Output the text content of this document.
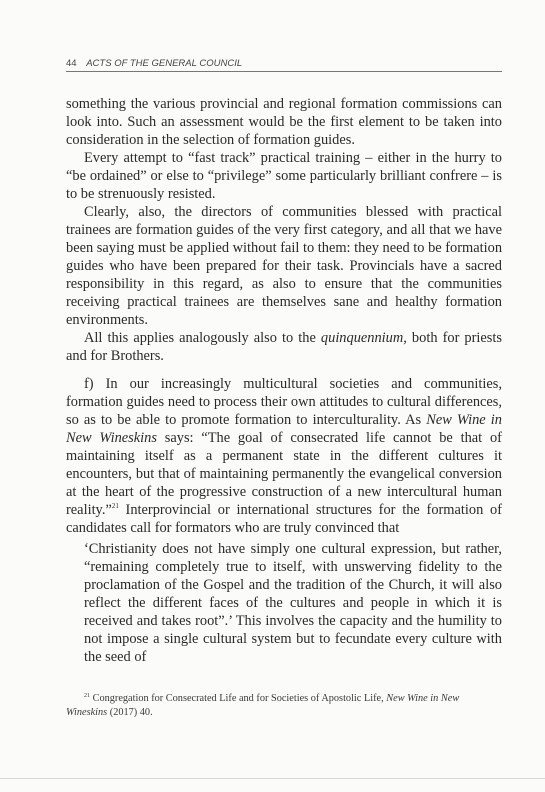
44 ACTS OF THE GENERAL COUNCIL

something the various provincial and regional formation commissions can look into. Such an assessment would be the first element to be taken into consideration in the selection of formation guides.

Every attempt to “fast track” practical training – either in the hurry to “be ordained” or else to “privilege” some particularly brilliant confrere – is to be strenuously resisted.

Clearly, also, the directors of communities blessed with practical trainees are formation guides of the very first category, and all that we have been saying must be applied without fail to them: they need to be formation guides who have been prepared for their task. Provincials have a sacred responsibility in this regard, as also to ensure that the communities receiving practical trainees are themselves sane and healthy formation environments.

All this applies analogously also to the quinquennium, both for priests and for Brothers.

f) In our increasingly multicultural societies and communities, formation guides need to process their own attitudes to cultural differences, so as to be able to promote formation to interculturality. As New Wine in New Wineskins says: “The goal of consecrated life cannot be that of maintaining itself as a permanent state in the different cultures it encounters, but that of maintaining permanently the evangelical conversion at the heart of the progressive construction of a new intercultural human reality.”$^{21}$ Interprovincial or international structures for the formation of candidates call for formators who are truly convinced that

‘Christianity does not have simply one cultural expression, but rather, “remaining completely true to itself, with unswerving fidelity to the proclamation of the Gospel and the tradition of the Church, it will also reflect the different faces of the cultures and people in which it is received and takes root”.’ This involves the capacity and the humility to not impose a single cultural system but to fecundate every culture with the seed of

$^{21}$ Congregation for Consecrated Life and for Societies of Apostolic Life, New Wine in New Wineskins (2017) 40.
